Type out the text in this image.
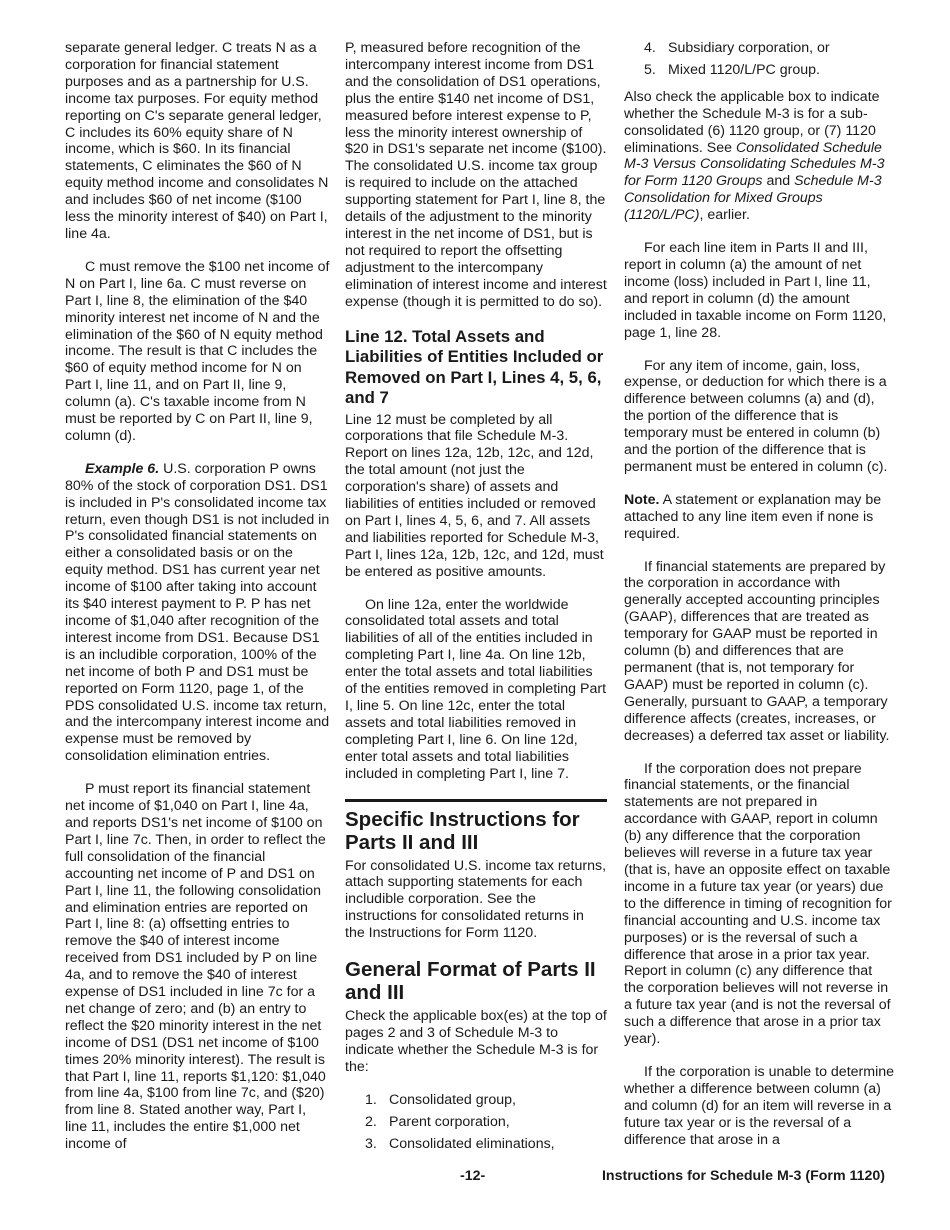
separate general ledger. C treats N as a corporation for financial statement purposes and as a partnership for U.S. income tax purposes. For equity method reporting on C's separate general ledger, C includes its 60% equity share of N income, which is $60. In its financial statements, C eliminates the $60 of N equity method income and consolidates N and includes $60 of net income ($100 less the minority interest of $40) on Part I, line 4a.

C must remove the $100 net income of N on Part I, line 6a. C must reverse on Part I, line 8, the elimination of the $40 minority interest net income of N and the elimination of the $60 of N equity method income. The result is that C includes the $60 of equity method income for N on Part I, line 11, and on Part II, line 9, column (a). C's taxable income from N must be reported by C on Part II, line 9, column (d).

Example 6. U.S. corporation P owns 80% of the stock of corporation DS1. DS1 is included in P's consolidated income tax return, even though DS1 is not included in P's consolidated financial statements on either a consolidated basis or on the equity method. DS1 has current year net income of $100 after taking into account its $40 interest payment to P. P has net income of $1,040 after recognition of the interest income from DS1. Because DS1 is an includible corporation, 100% of the net income of both P and DS1 must be reported on Form 1120, page 1, of the PDS consolidated U.S. income tax return, and the intercompany interest income and expense must be removed by consolidation elimination entries.

P must report its financial statement net income of $1,040 on Part I, line 4a, and reports DS1's net income of $100 on Part I, line 7c. Then, in order to reflect the full consolidation of the financial accounting net income of P and DS1 on Part I, line 11, the following consolidation and elimination entries are reported on Part I, line 8: (a) offsetting entries to remove the $40 of interest income received from DS1 included by P on line 4a, and to remove the $40 of interest expense of DS1 included in line 7c for a net change of zero; and (b) an entry to reflect the $20 minority interest in the net income of DS1 (DS1 net income of $100 times 20% minority interest). The result is that Part I, line 11, reports $1,120: $1,040 from line 4a, $100 from line 7c, and ($20) from line 8. Stated another way, Part I, line 11, includes the entire $1,000 net income of

P, measured before recognition of the intercompany interest income from DS1 and the consolidation of DS1 operations, plus the entire $140 net income of DS1, measured before interest expense to P, less the minority interest ownership of $20 in DS1's separate net income ($100). The consolidated U.S. income tax group is required to include on the attached supporting statement for Part I, line 8, the details of the adjustment to the minority interest in the net income of DS1, but is not required to report the offsetting adjustment to the intercompany elimination of interest income and interest expense (though it is permitted to do so).

Line 12. Total Assets and Liabilities of Entities Included or Removed on Part I, Lines 4, 5, 6, and 7

Line 12 must be completed by all corporations that file Schedule M-3. Report on lines 12a, 12b, 12c, and 12d, the total amount (not just the corporation's share) of assets and liabilities of entities included or removed on Part I, lines 4, 5, 6, and 7. All assets and liabilities reported for Schedule M-3, Part I, lines 12a, 12b, 12c, and 12d, must be entered as positive amounts.

On line 12a, enter the worldwide consolidated total assets and total liabilities of all of the entities included in completing Part I, line 4a. On line 12b, enter the total assets and total liabilities of the entities removed in completing Part I, line 5. On line 12c, enter the total assets and total liabilities removed in completing Part I, line 6. On line 12d, enter total assets and total liabilities included in completing Part I, line 7.

Specific Instructions for Parts II and III

For consolidated U.S. income tax returns, attach supporting statements for each includible corporation. See the instructions for consolidated returns in the Instructions for Form 1120.

General Format of Parts II and III

Check the applicable box(es) at the top of pages 2 and 3 of Schedule M-3 to indicate whether the Schedule M-3 is for the:

1. Consolidated group,
2. Parent corporation,
3. Consolidated eliminations,
4. Subsidiary corporation, or
5. Mixed 1120/L/PC group.

Also check the applicable box to indicate whether the Schedule M-3 is for a sub-consolidated (6) 1120 group, or (7) 1120 eliminations. See Consolidated Schedule M-3 Versus Consolidating Schedules M-3 for Form 1120 Groups and Schedule M-3 Consolidation for Mixed Groups (1120/L/PC), earlier.

For each line item in Parts II and III, report in column (a) the amount of net income (loss) included in Part I, line 11, and report in column (d) the amount included in taxable income on Form 1120, page 1, line 28.

For any item of income, gain, loss, expense, or deduction for which there is a difference between columns (a) and (d), the portion of the difference that is temporary must be entered in column (b) and the portion of the difference that is permanent must be entered in column (c).

Note. A statement or explanation may be attached to any line item even if none is required.

If financial statements are prepared by the corporation in accordance with generally accepted accounting principles (GAAP), differences that are treated as temporary for GAAP must be reported in column (b) and differences that are permanent (that is, not temporary for GAAP) must be reported in column (c). Generally, pursuant to GAAP, a temporary difference affects (creates, increases, or decreases) a deferred tax asset or liability.

If the corporation does not prepare financial statements, or the financial statements are not prepared in accordance with GAAP, report in column (b) any difference that the corporation believes will reverse in a future tax year (that is, have an opposite effect on taxable income in a future tax year (or years) due to the difference in timing of recognition for financial accounting and U.S. income tax purposes) or is the reversal of such a difference that arose in a prior tax year. Report in column (c) any difference that the corporation believes will not reverse in a future tax year (and is not the reversal of such a difference that arose in a prior tax year).

If the corporation is unable to determine whether a difference between column (a) and column (d) for an item will reverse in a future tax year or is the reversal of a difference that arose in a

-12-	Instructions for Schedule M-3 (Form 1120)
